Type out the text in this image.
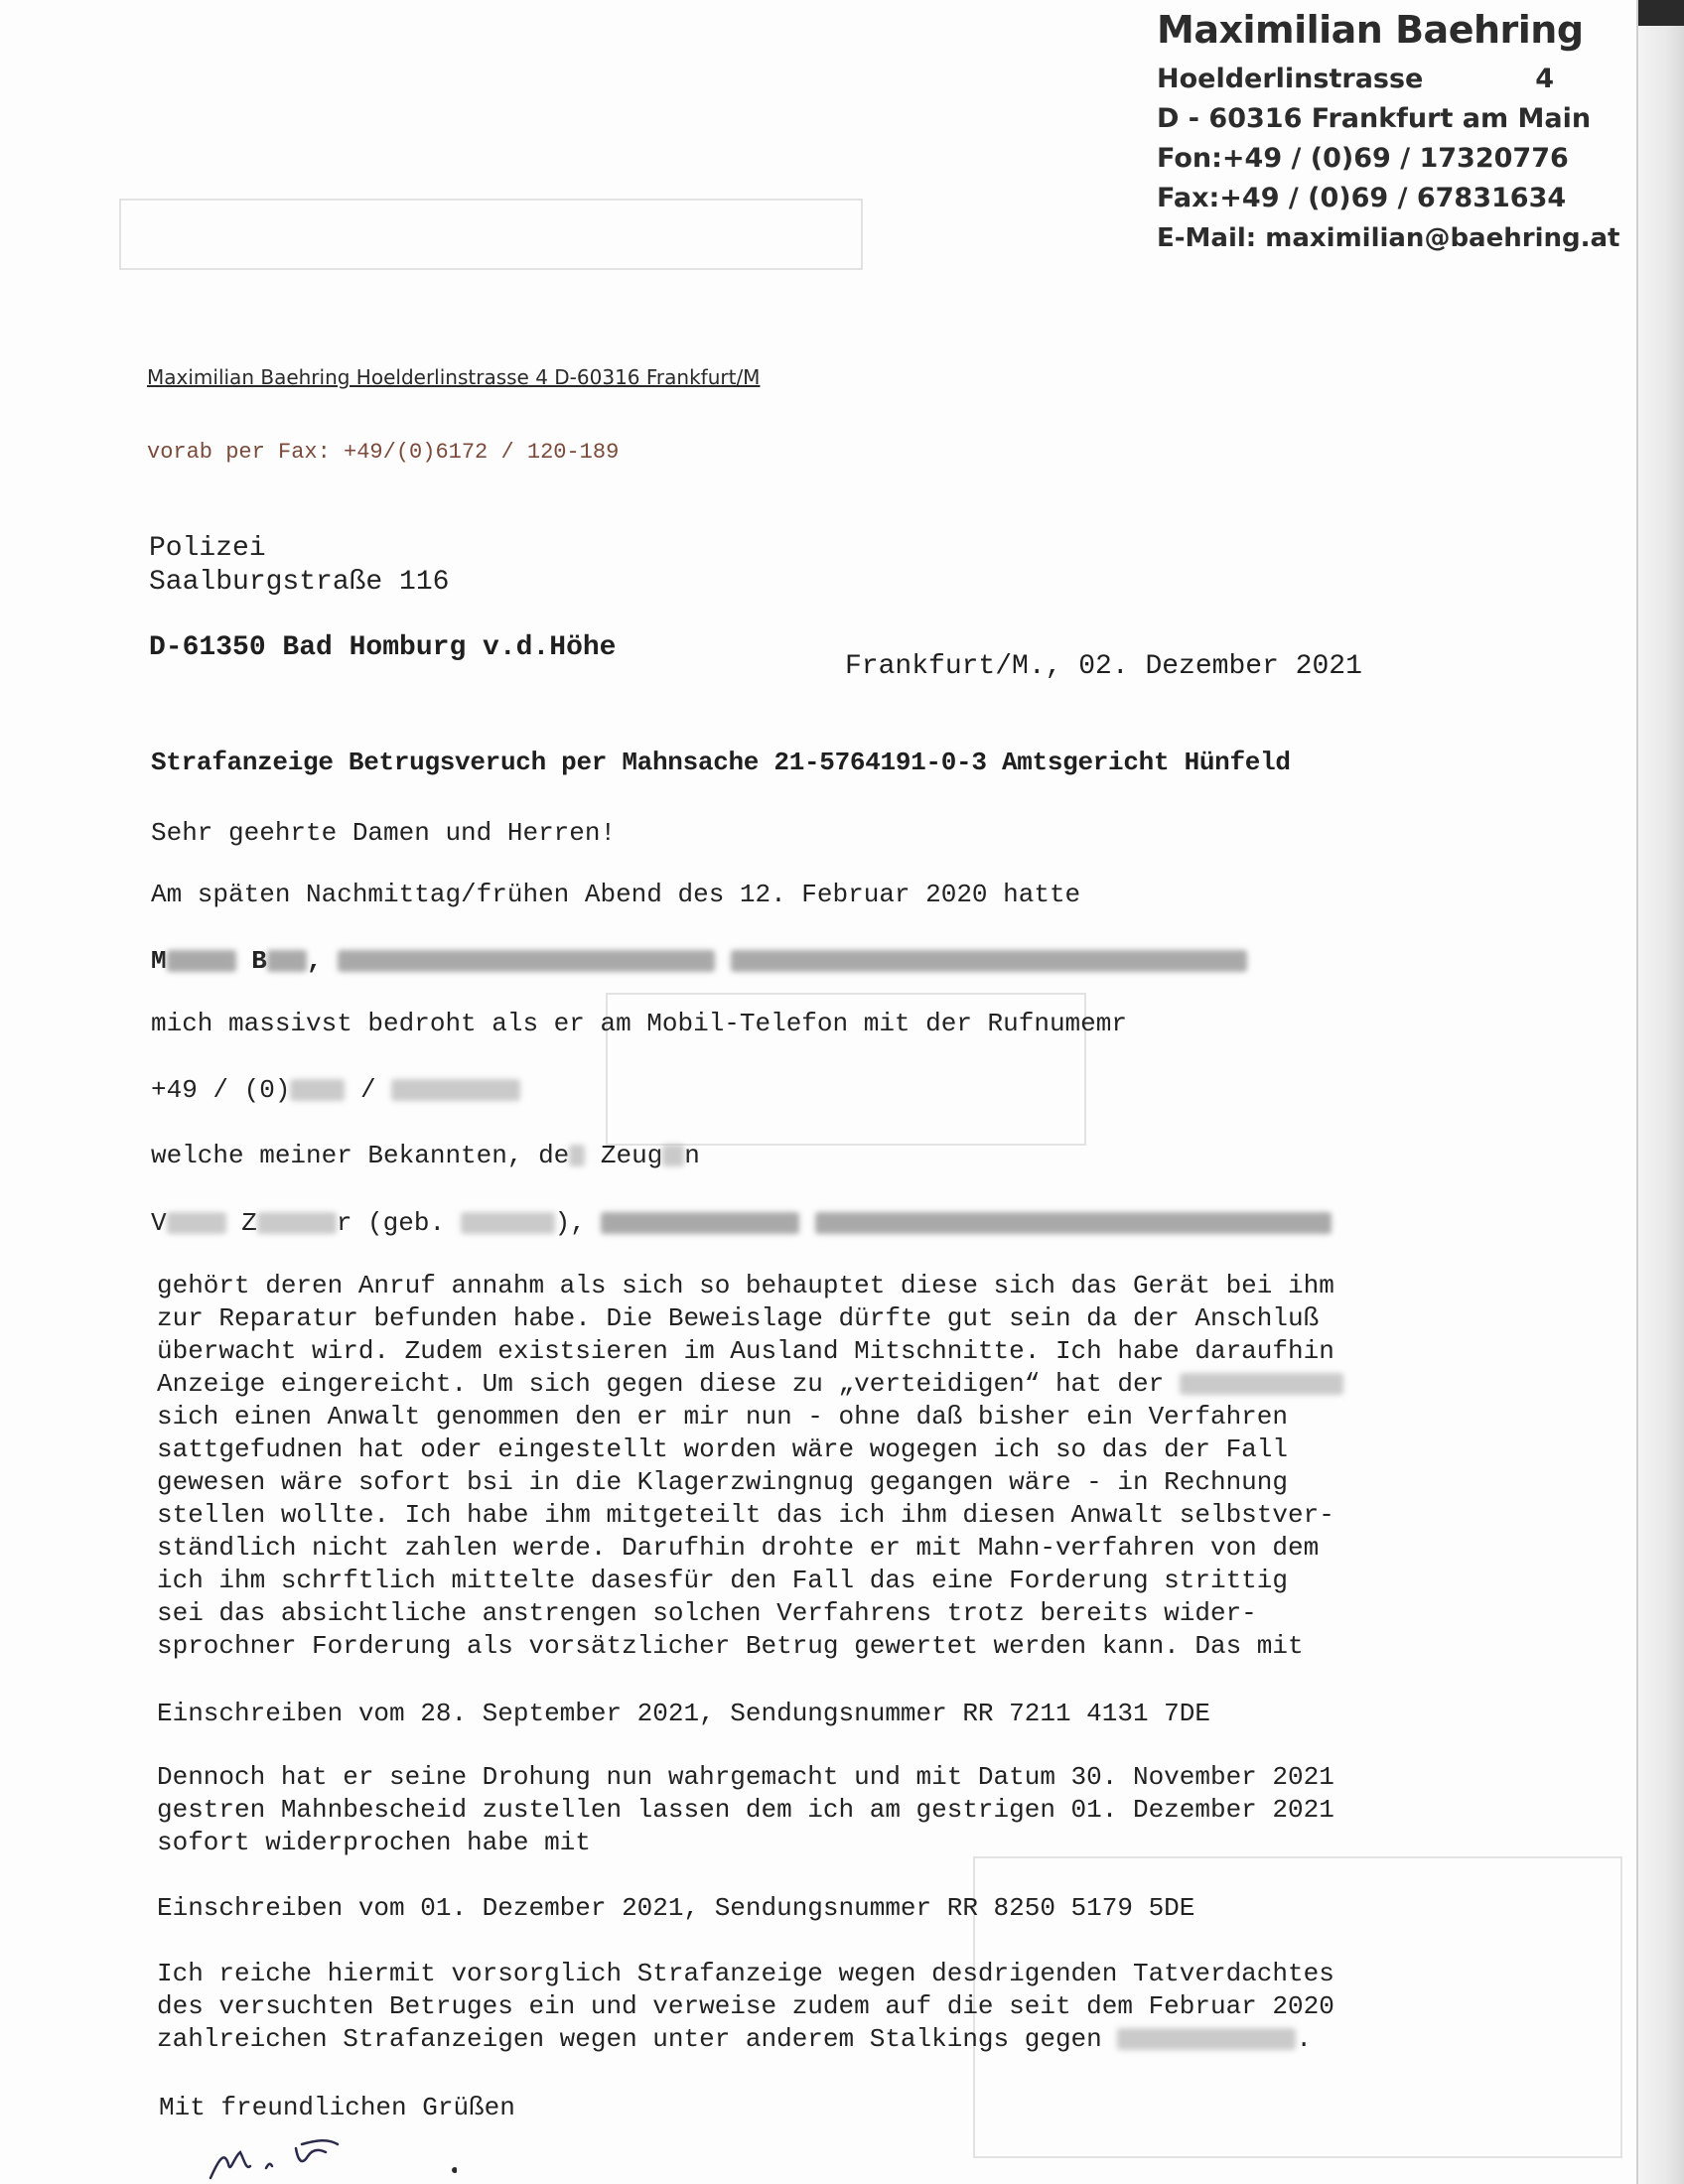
Maximilian Baehring
Hoelderlinstrasse	4
D - 60316 Frankfurt am Main
Fon: +49 / (0)69 / 17320776
Fax: +49 / (0)69 / 67831634
E-Mail: maximilian@baehring.at
Maximilian Baehring Hoelderlinstrasse 4 D-60316 Frankfurt/M
vorab per Fax: +49/(0)6172 / 120-189
Polizei
Saalburgstraße 116
D-61350 Bad Homburg v.d.Höhe
Frankfurt/M., 02. Dezember 2021
Strafanzeige Betrugsveruch per Mahnsache 21-5764191-0-3 Amtsgericht Hünfeld
Sehr geehrte Damen und Herren!
Am späten Nachmittag/frühen Abend des 12. Februar 2020 hatte
M	B ,
mich massivst bedroht als er am Mobil-Telefon mit der Rufnumemr
+49 / (0)	/
welche meiner Bekannten, de Zeug n
V	Z	r (geb.	),
gehört deren Anruf annahm als sich so behauptet diese sich das Gerät bei ihm
zur Reparatur befunden habe. Die Beweislage dürfte gut sein da der Anschluß
überwacht wird. Zudem existsieren im Ausland Mitschnitte. Ich habe daraufhin
Anzeige eingereicht. Um sich gegen diese zu „verteidigen“ hat der
sich einen Anwalt genommen den er mir nun - ohne daß bisher ein Verfahren
sattgefudnen hat oder eingestellt worden wäre wogegen ich so das der Fall
gewesen wäre sofort bsi in die Klagerzwingnug gegangen wäre - in Rechnung
stellen wollte. Ich habe ihm mitgeteilt das ich ihm diesen Anwalt selbstver-
ständlich nicht zahlen werde. Darufhin drohte er mit Mahn-verfahren von dem
ich ihm schrftlich mittelte dasesfür den Fall das eine Forderung strittig
sei das absichtliche anstrengen solchen Verfahrens trotz bereits wider-
sprochner Forderung als vorsätzlicher Betrug gewertet werden kann. Das mit
Einschreiben vom 28. September 2021, Sendungsnummer RR 7211 4131 7DE
Dennoch hat er seine Drohung nun wahrgemacht und mit Datum 30. November 2021
gestren Mahnbescheid zustellen lassen dem ich am gestrigen 01. Dezember 2021
sofort widerprochen habe mit
Einschreiben vom 01. Dezember 2021, Sendungsnummer RR 8250 5179 5DE
Ich reiche hiermit vorsorglich Strafanzeige wegen desdrigenden Tatverdachtes
des versuchten Betruges ein und verweise zudem auf die seit dem Februar 2020
zahlreichen Strafanzeigen wegen unter anderem Stalkings gegen	.
Mit freundlichen Grüßen
